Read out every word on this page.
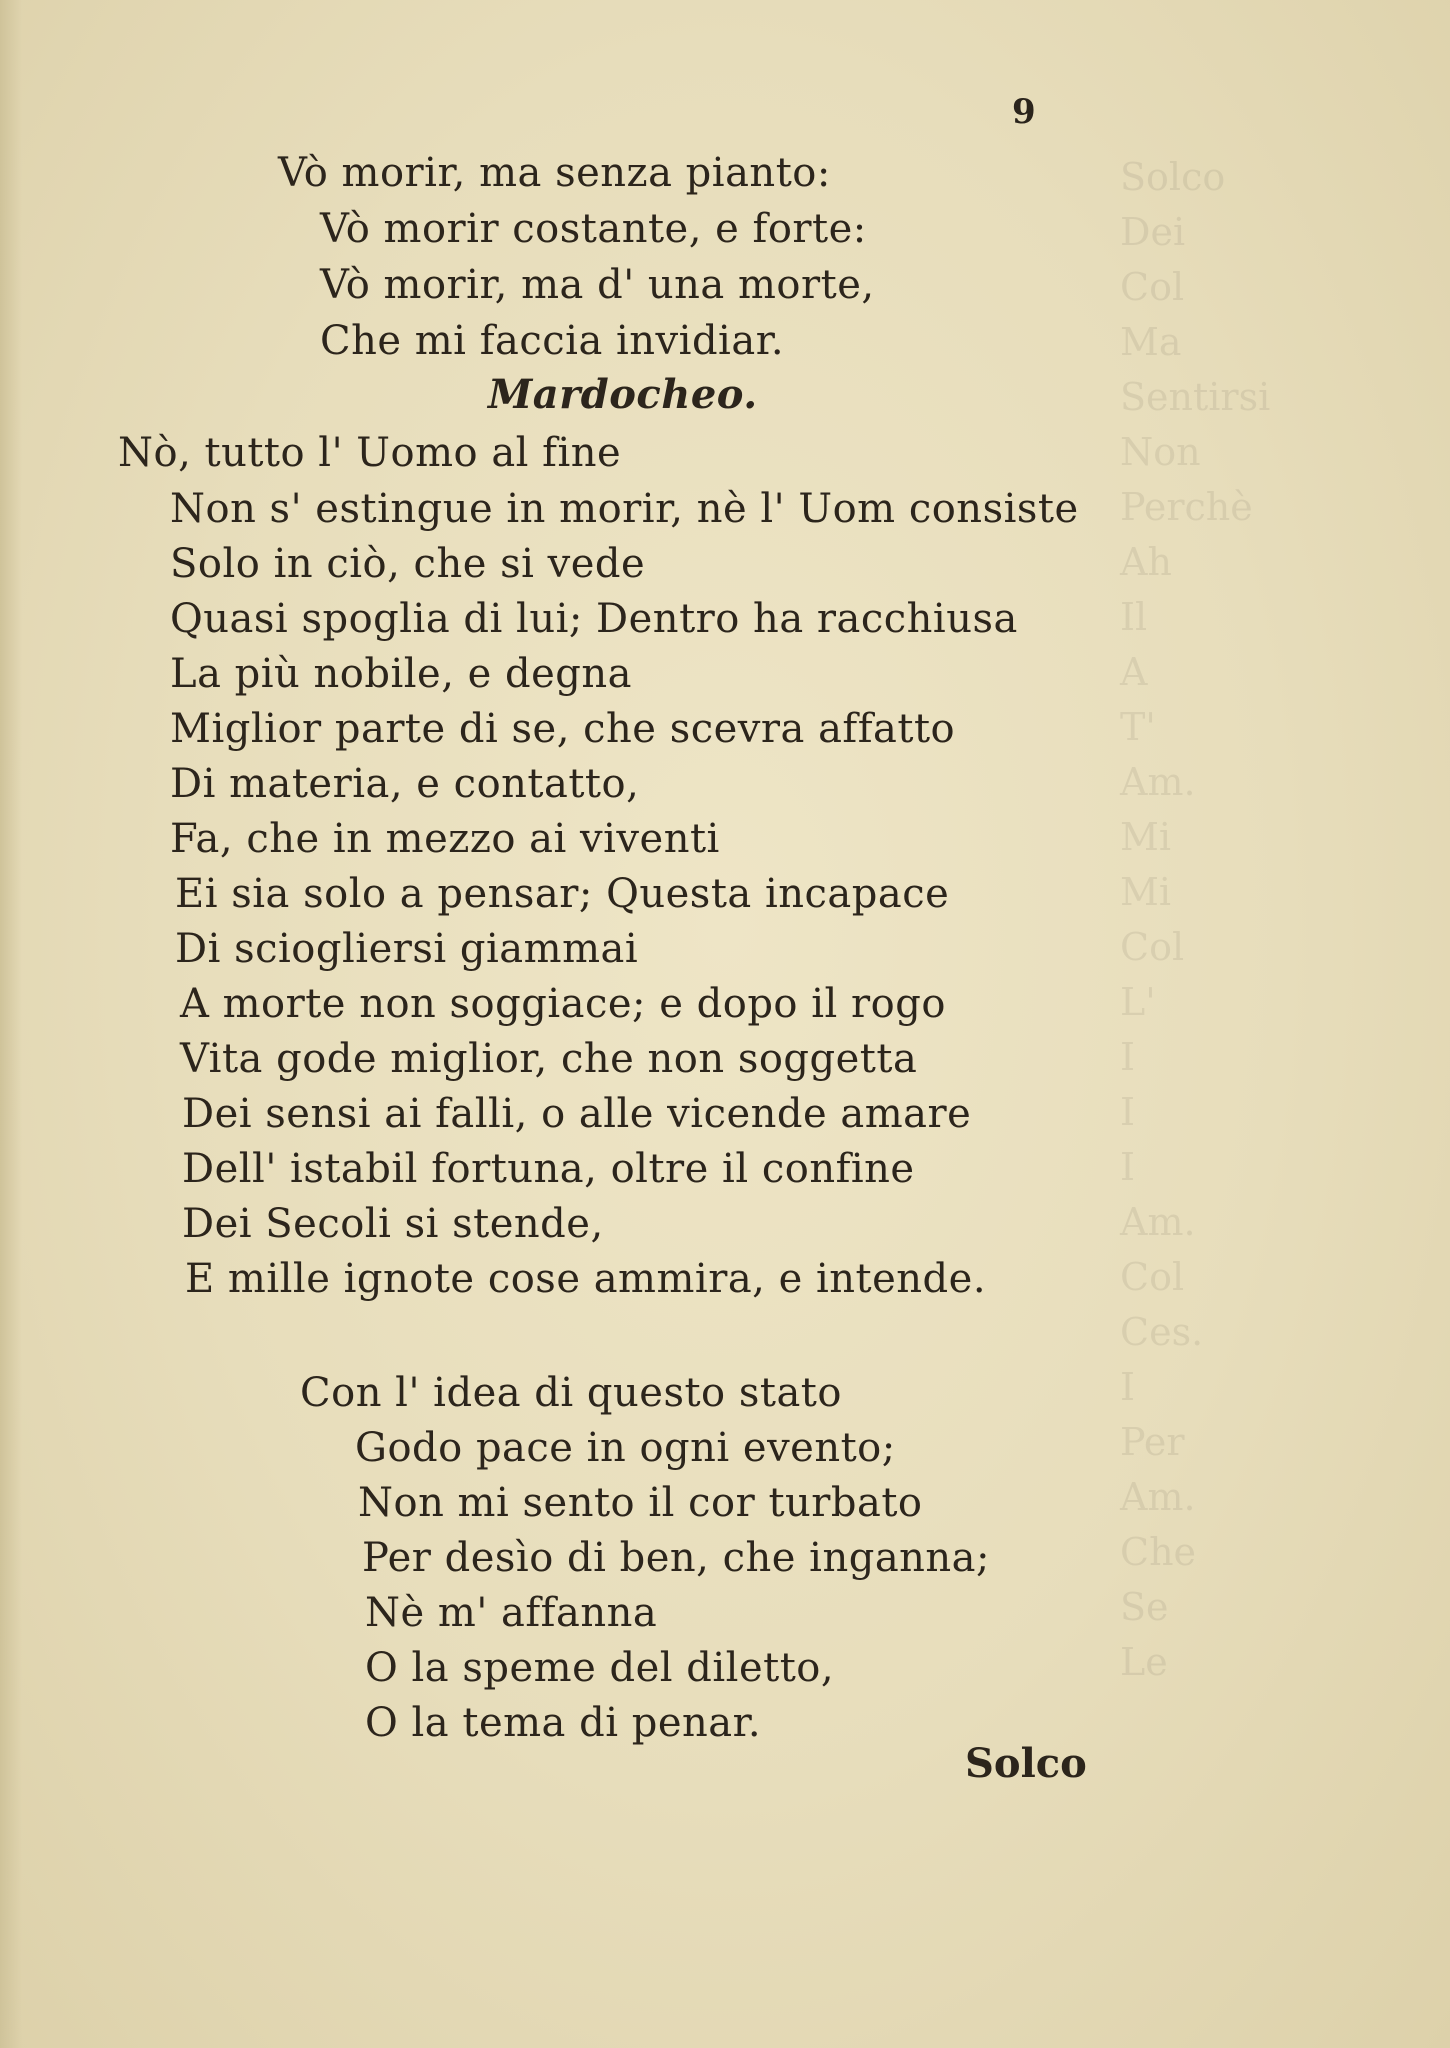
Solco
Dei
Col
Ma
Sentirsi
Non
Perchè
Ah
Il
A
T'
Am.
Mi
Mi
Col
L'
I
I
I
Am.
Col
Ces.
I
Per
Am.
Che
Se
Le
9
Vò morir, ma senza pianto:
Vò morir costante, e forte:
Vò morir, ma d' una morte,
Che mi faccia invidiar.
Mardocheo.
Nò, tutto l' Uomo al fine
Non s' estingue in morir, nè l' Uom consiste
Solo in ciò, che si vede
Quasi spoglia di lui; Dentro ha racchiusa
La più nobile, e degna
Miglior parte di se, che scevra affatto
Di materia, e contatto,
Fa, che in mezzo ai viventi
Ei sia solo a pensar; Questa incapace
Di sciogliersi giammai
A morte non soggiace; e dopo il rogo
Vita gode miglior, che non soggetta
Dei sensi ai falli, o alle vicende amare
Dell' istabil fortuna, oltre il confine
Dei Secoli si stende,
E mille ignote cose ammira, e intende.
Con l' idea di questo stato
Godo pace in ogni evento;
Non mi sento il cor turbato
Per desìo di ben, che inganna;
Nè m' affanna
O la speme del diletto,
O la tema di penar.
Solco
